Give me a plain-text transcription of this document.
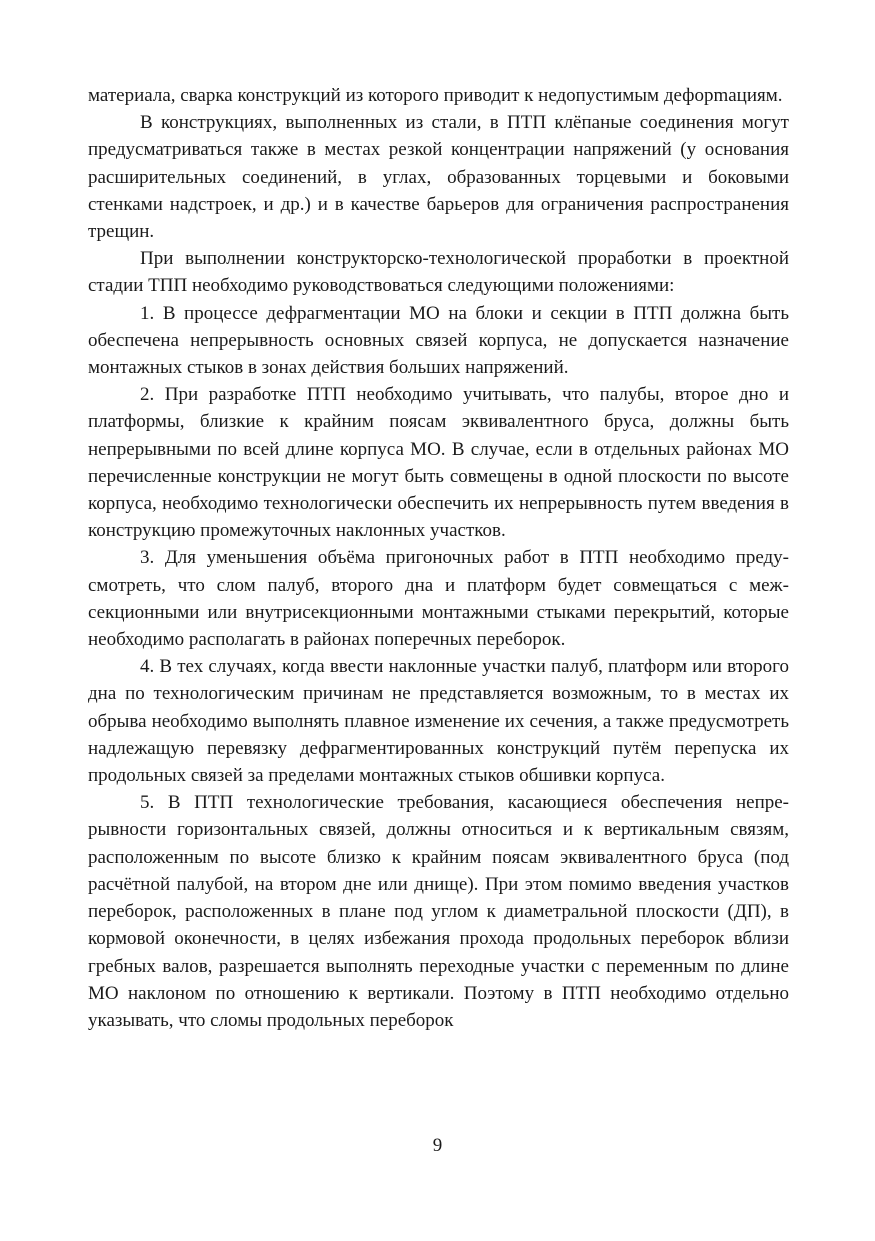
материала, сварка конструкций из которого приводит к недопустимым дефорmациям.

В конструкциях, выполненных из стали, в ПТП клёпаные соединения могут предусматриваться также в местах резкой концентрации напряжений (у основания расширительных соединений, в углах, образованных торцевыми и боковыми стенками надстроек, и др.) и в качестве барьеров для ограничения распространения трещин.

При выполнении конструкторско-технологической проработки в проектной стадии ТПП необходимо руководствоваться следующими положениями:

1. В процессе дефрагментации МО на блоки и секции в ПТП должна быть обеспечена непрерывность основных связей корпуса, не допускается назначение монтажных стыков в зонах действия больших напряжений.

2. При разработке ПТП необходимо учитывать, что палубы, второе дно и платформы, близкие к крайним поясам эквивалентного бруса, должны быть непрерывными по всей длине корпуса МО. В случае, если в отдельных районах МО перечисленные конструкции не могут быть совмещены в одной плоскости по высоте корпуса, необходимо технологически обеспечить их непрерывность путем введения в конструкцию промежуточных наклонных участков.

3. Для уменьшения объёма пригоночных работ в ПТП необходимо предусмотреть, что слом палуб, второго дна и платформ будет совмещаться с межсекционными или внутрисекционными монтажными стыками перекрытий, которые необходимо располагать в районах поперечных переборок.

4. В тех случаях, когда ввести наклонные участки палуб, платформ или второго дна по технологическим причинам не представляется возможным, то в местах их обрыва необходимо выполнять плавное изменение их сечения, а также предусмотреть надлежащую перевязку дефрагментированных конструкций путём перепуска их продольных связей за пределами монтажных стыков обшивки корпуса.

5. В ПТП технологические требования, касающиеся обеспечения непрерывности горизонтальных связей, должны относиться и к вертикальным связям, расположенным по высоте близко к крайним поясам эквивалентного бруса (под расчётной палубой, на втором дне или днище). При этом помимо введения участков переборок, расположенных в плане под углом к диаметральной плоскости (ДП), в кормовой оконечности, в целях избежания прохода продольных переборок вблизи гребных валов, разрешается выполнять переходные участки с переменным по длине МО наклоном по отношению к вертикали. Поэтому в ПТП необходимо отдельно указывать, что сломы продольных переборок

9
